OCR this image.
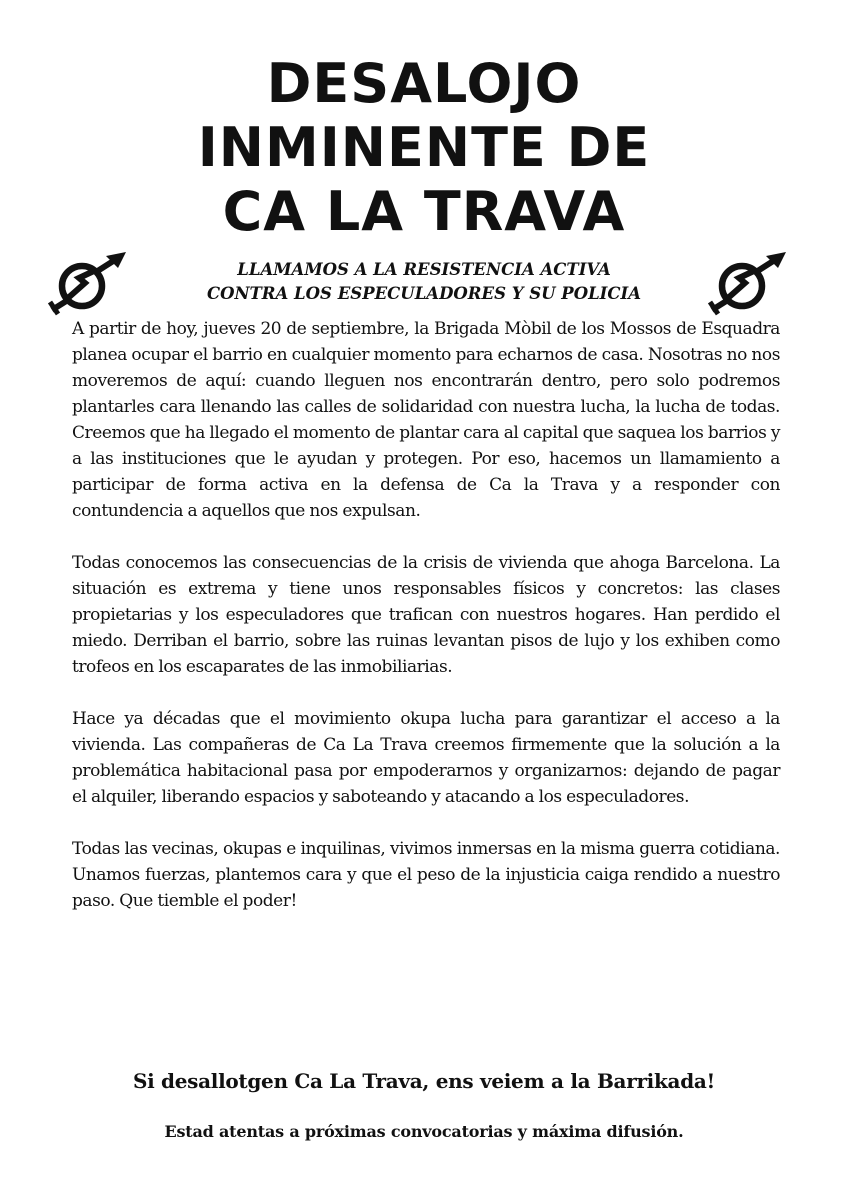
DESALOJO
INMINENTE DE
CA LA TRAVA
LLAMAMOS A LA RESISTENCIA ACTIVA
CONTRA LOS ESPECULADORES Y SU POLICIA

A partir de hoy, jueves 20 de septiembre, la Brigada Mòbil de los Mossos de Esquadra planea ocupar el barrio en cualquier momento para echarnos de casa. Nosotras no nos moveremos de aquí: cuando lleguen nos encontrarán dentro, pero solo podremos plantarles cara llenando las calles de solidaridad con nuestra lucha, la lucha de todas. Creemos que ha llegado el momento de plantar cara al capital que saquea los barrios y a las instituciones que le ayudan y protegen. Por eso, hacemos un llamamiento a participar de forma activa en la defensa de Ca la Trava y a responder con contundencia a aquellos que nos expulsan.

Todas conocemos las consecuencias de la crisis de vivienda que ahoga Barcelona. La situación es extrema y tiene unos responsables físicos y concretos: las clases propietarias y los especuladores que trafican con nuestros hogares. Han perdido el miedo. Derriban el barrio, sobre las ruinas levantan pisos de lujo y los exhiben como trofeos en los escaparates de las inmobiliarias.

Hace ya décadas que el movimiento okupa lucha para garantizar el acceso a la vivienda. Las compañeras de Ca La Trava creemos firmemente que la solución a la problemática habitacional pasa por empoderarnos y organizarnos: dejando de pagar el alquiler, liberando espacios y saboteando y atacando a los especuladores.

Todas las vecinas, okupas e inquilinas, vivimos inmersas en la misma guerra cotidiana. Unamos fuerzas, plantemos cara y que el peso de la injusticia caiga rendido a nuestro paso. Que tiemble el poder!

Si desallotgen Ca La Trava, ens veiem a la Barrikada!
Estad atentas a próximas convocatorias y máxima difusión.
